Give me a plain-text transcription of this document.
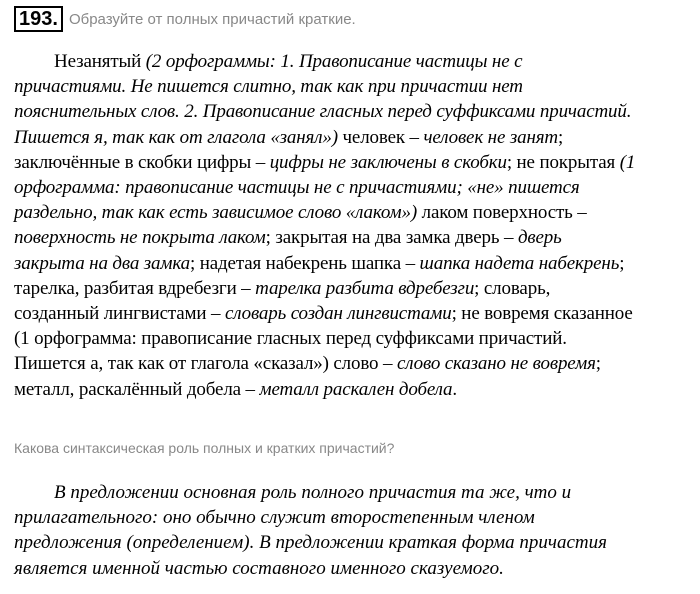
193. Образуйте от полных причастий краткие.
Незанятый (2 орфограммы: 1. Правописание частицы не с
причастиями. Не пишется слитно, так как при причастии нет
пояснительных слов. 2. Правописание гласных перед суффиксами причастий.
Пишется я, так как от глагола «занял») человек – человек не занят;
заключённые в скобки цифры – цифры не заключены в скобки; не покрытая (1
орфограмма: правописание частицы не с причастиями; «не» пишется
раздельно, так как есть зависимое слово «лаком») лаком поверхность –
поверхность не покрыта лаком; закрытая на два замка дверь – дверь
закрыта на два замка; надетая набекрень шапка – шапка надета набекрень;
тарелка, разбитая вдребезги – тарелка разбита вдребезги; словарь,
созданный лингвистами – словарь создан лингвистами; не вовремя сказанное
(1 орфограмма: правописание гласных перед суффиксами причастий.
Пишется а, так как от глагола «сказал») слово – слово сказано не вовремя;
металл, раскалённый добела – металл раскален добела.
Какова синтаксическая роль полных и кратких причастий?
В предложении основная роль полного причастия та же, что и
прилагательного: оно обычно служит второстепенным членом
предложения (определением). В предложении краткая форма причастия
является именной частью составного именного сказуемого.
